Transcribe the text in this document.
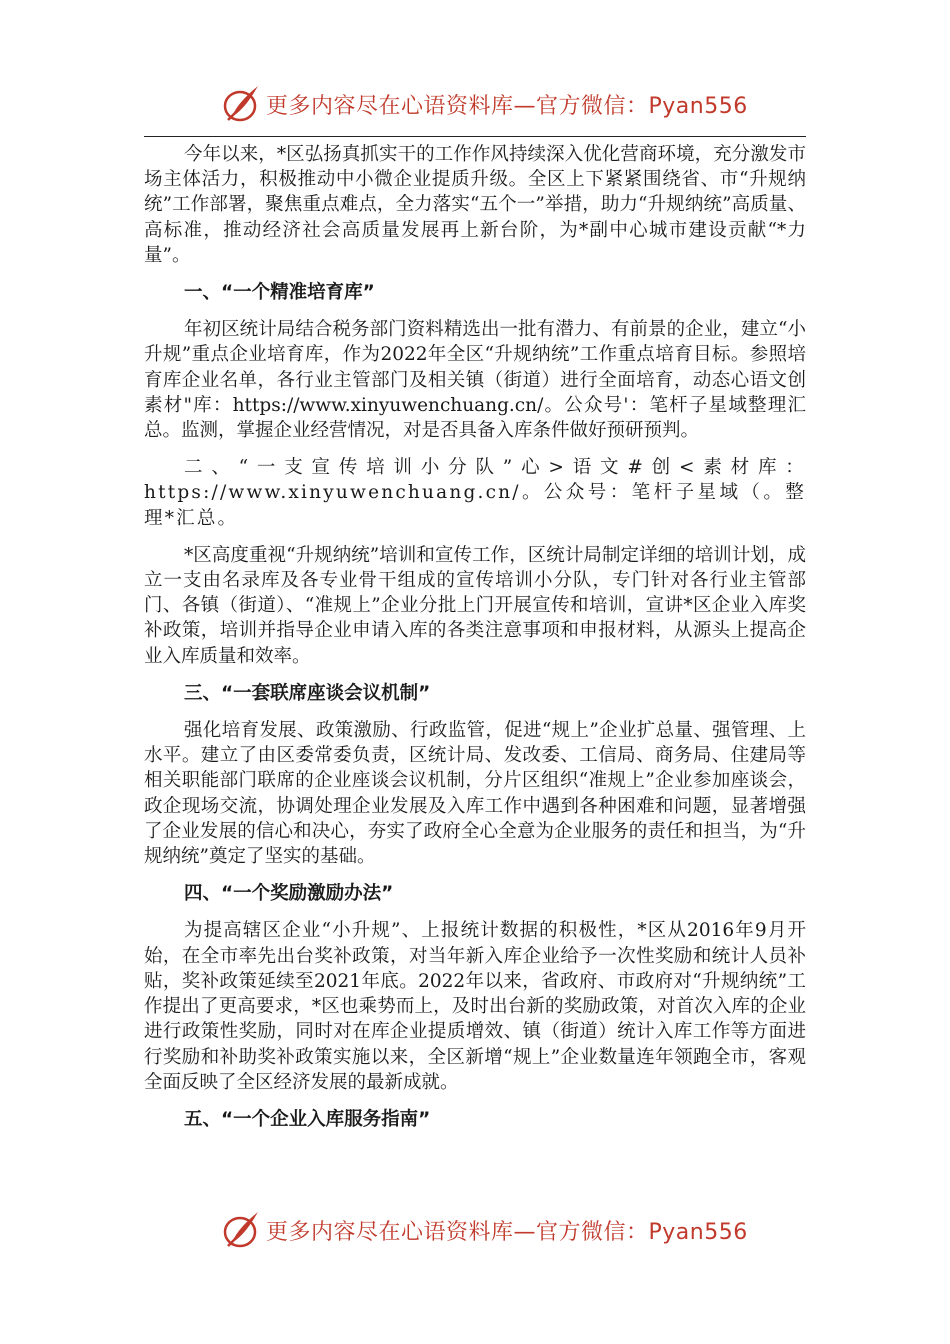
更多内容尽在心语资料库—官方微信：Pyan556

今年以来，*区弘扬真抓实干的工作作风持续深入优化营商环境，充分激发市场主体活力，积极推动中小微企业提质升级。全区上下紧紧围绕省、市“升规纳统”工作部署，聚焦重点难点，全力落实“五个一”举措，助力“升规纳统”高质量、高标准，推动经济社会高质量发展再上新台阶，为*副中心城市建设贡献“*力量”。

一、“一个精准培育库”

年初区统计局结合税务部门资料精选出一批有潜力、有前景的企业，建立“小升规”重点企业培育库，作为2022年全区“升规纳统”工作重点培育目标。参照培育库企业名单，各行业主管部门及相关镇（街道）进行全面培育，动态心语文创素材"库：https://www.xinyuwenchuang.cn/。公众号'：笔杆子星域整理汇总。监测，掌握企业经营情况，对是否具备入库条件做好预研预判。

二、“一支宣传培训小分队”心>语文#创<素材库：https://www.xinyuwenchuang.cn/。公众号：笔杆子星域（。整理*汇总。

*区高度重视“升规纳统”培训和宣传工作，区统计局制定详细的培训计划，成立一支由名录库及各专业骨干组成的宣传培训小分队，专门针对各行业主管部门、各镇（街道）、“准规上”企业分批上门开展宣传和培训，宣讲*区企业入库奖补政策，培训并指导企业申请入库的各类注意事项和申报材料，从源头上提高企业入库质量和效率。

三、“一套联席座谈会议机制”

强化培育发展、政策激励、行政监管，促进“规上”企业扩总量、强管理、上水平。建立了由区委常委负责，区统计局、发改委、工信局、商务局、住建局等相关职能部门联席的企业座谈会议机制，分片区组织“准规上”企业参加座谈会，政企现场交流，协调处理企业发展及入库工作中遇到各种困难和问题，显著增强了企业发展的信心和决心，夯实了政府全心全意为企业服务的责任和担当，为“升规纳统”奠定了坚实的基础。

四、“一个奖励激励办法”

为提高辖区企业“小升规”、上报统计数据的积极性，*区从2016年9月开始，在全市率先出台奖补政策，对当年新入库企业给予一次性奖励和统计人员补贴，奖补政策延续至2021年底。2022年以来，省政府、市政府对“升规纳统”工作提出了更高要求，*区也乘势而上，及时出台新的奖励政策，对首次入库的企业进行政策性奖励，同时对在库企业提质增效、镇（街道）统计入库工作等方面进行奖励和补助奖补政策实施以来，全区新增“规上”企业数量连年领跑全市，客观全面反映了全区经济发展的最新成就。

五、“一个企业入库服务指南”
更多内容尽在心语资料库—官方微信：Pyan556
